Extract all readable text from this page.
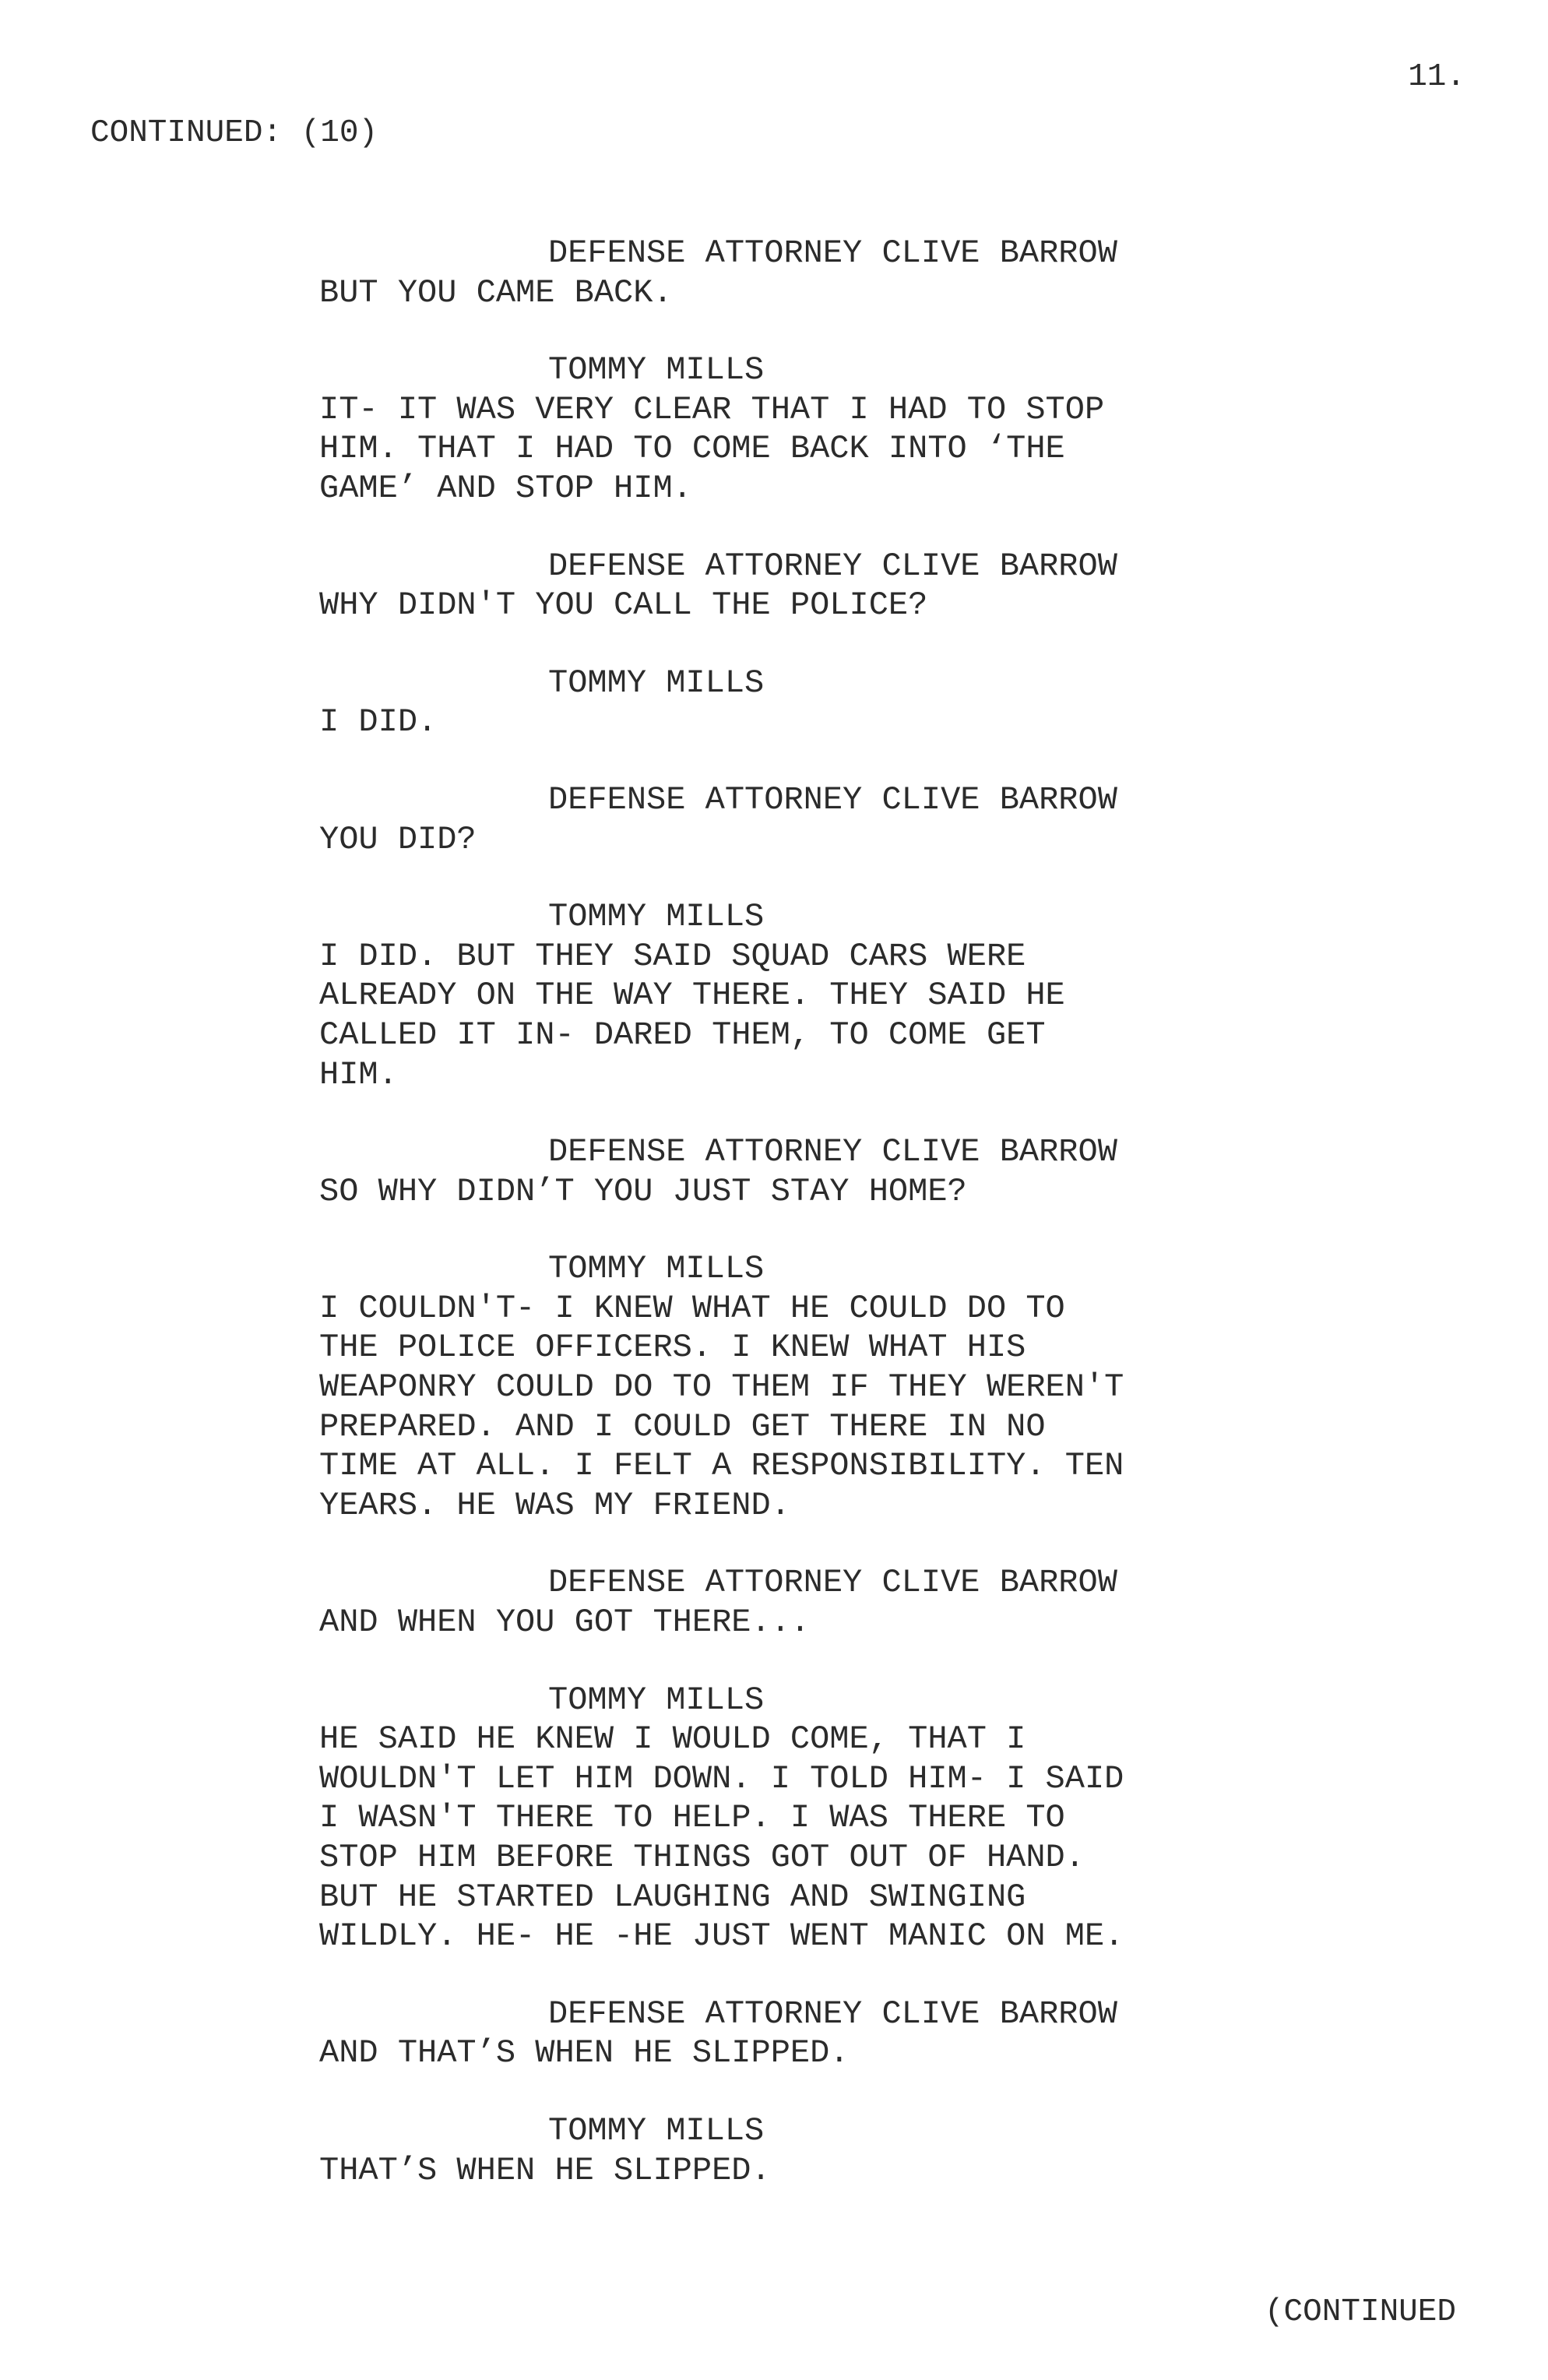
11.
CONTINUED: (10)
DEFENSE ATTORNEY CLIVE BARROW
BUT YOU CAME BACK.
TOMMY MILLS
IT- IT WAS VERY CLEAR THAT I HAD TO STOP
HIM. THAT I HAD TO COME BACK INTO ‘THE
GAME’ AND STOP HIM.
DEFENSE ATTORNEY CLIVE BARROW
WHY DIDN'T YOU CALL THE POLICE?
TOMMY MILLS
I DID.
DEFENSE ATTORNEY CLIVE BARROW
YOU DID?
TOMMY MILLS
I DID. BUT THEY SAID SQUAD CARS WERE
ALREADY ON THE WAY THERE. THEY SAID HE
CALLED IT IN- DARED THEM, TO COME GET
HIM.
DEFENSE ATTORNEY CLIVE BARROW
SO WHY DIDN’T YOU JUST STAY HOME?
TOMMY MILLS
I COULDN'T- I KNEW WHAT HE COULD DO TO
THE POLICE OFFICERS. I KNEW WHAT HIS
WEAPONRY COULD DO TO THEM IF THEY WEREN'T
PREPARED. AND I COULD GET THERE IN NO
TIME AT ALL. I FELT A RESPONSIBILITY. TEN
YEARS. HE WAS MY FRIEND.
DEFENSE ATTORNEY CLIVE BARROW
AND WHEN YOU GOT THERE...
TOMMY MILLS
HE SAID HE KNEW I WOULD COME, THAT I
WOULDN'T LET HIM DOWN. I TOLD HIM- I SAID
I WASN'T THERE TO HELP. I WAS THERE TO
STOP HIM BEFORE THINGS GOT OUT OF HAND.
BUT HE STARTED LAUGHING AND SWINGING
WILDLY. HE- HE -HE JUST WENT MANIC ON ME.
DEFENSE ATTORNEY CLIVE BARROW
AND THAT’S WHEN HE SLIPPED.
TOMMY MILLS
THAT’S WHEN HE SLIPPED.
(CONTINUED
